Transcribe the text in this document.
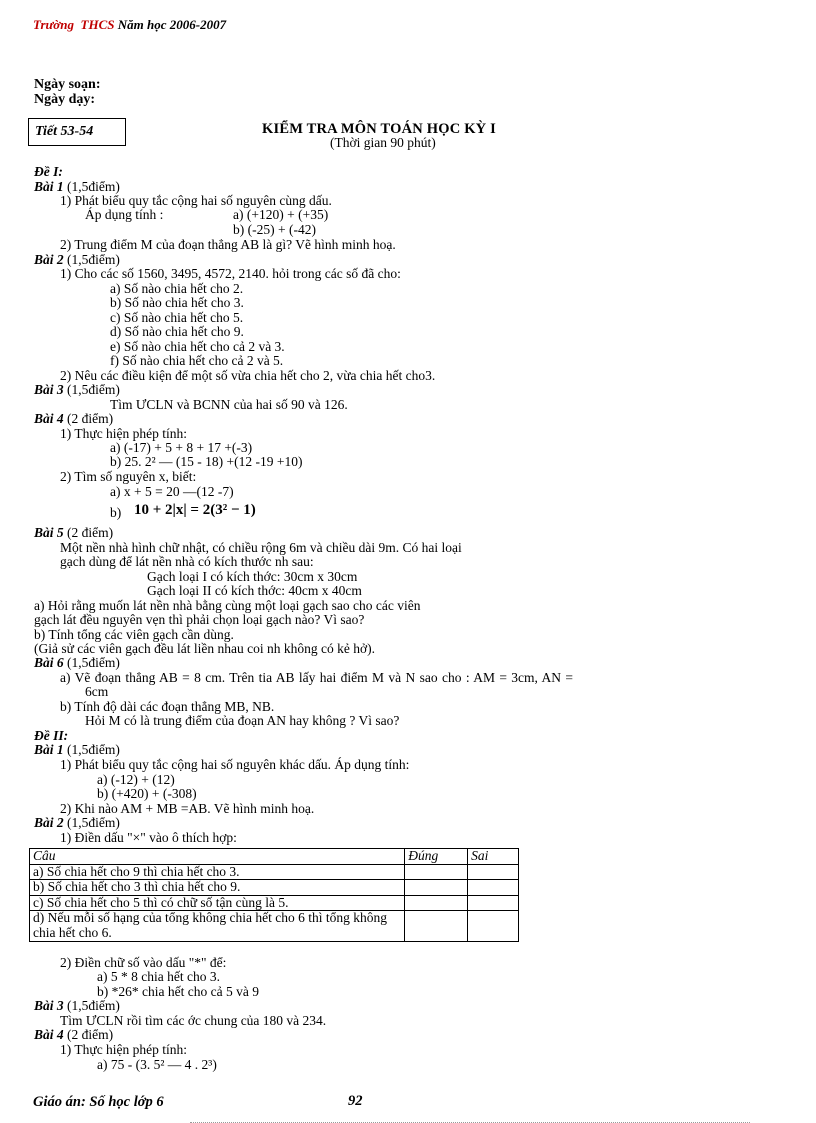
Trường THCS Năm học 2006-2007
Ngày soạn:
Ngày dạy:
Tiết 53-54	KIỂM TRA MÔN TOÁN HỌC KỲ I
(Thời gian 90 phút)
Đề I:
Bài 1 (1,5điểm)
1) Phát biểu quy tắc cộng hai số nguyên cùng dấu.
Áp dụng tính :	a) (+120) + (+35)
b) (-25) + (-42)
2) Trung điểm M của đoạn thẳng AB là gì? Vẽ hình minh hoạ.
Bài 2 (1,5điểm)
1) Cho các số 1560, 3495, 4572, 2140. hỏi trong các số đã cho:
a) Số nào chia hết cho 2.
b) Số nào chia hết cho 3.
c) Số nào chia hết cho 5.
d) Số nào chia hết cho 9.
e) Số nào chia hết cho cả 2 và 3.
f) Số nào chia hết cho cả 2 và 5.
2) Nêu các điều kiện để một số vừa chia hết cho 2, vừa chia hết cho3.
Bài 3 (1,5điểm)
Tìm ƯCLN và BCNN của hai số 90 và 126.
Bài 4 (2 điểm)
1) Thực hiện phép tính:
a) (-17) + 5 + 8 + 17 +(-3)
b) 25. 2² — (15 - 18) +(12 -19 +10)
2) Tìm số nguyên x, biết:
a) x + 5 = 20 —(12 -7)
b) 10 + 2|x| = 2(3² − 1)
Bài 5 (2 điểm)
Một nền nhà hình chữ nhật, có chiều rộng 6m và chiều dài 9m. Có hai loại
gạch dùng để lát nền nhà có kích thước nh sau:
Gạch loại I có kích thớc: 30cm x 30cm
Gạch loại II có kích thớc: 40cm x 40cm
a) Hỏi rằng muốn lát nền nhà bằng cùng một loại gạch sao cho các viên
gạch lát đều nguyên vẹn thì phải chọn loại gạch nào? Vì sao?
b) Tính tổng các viên gạch cần dùng.
(Giả sử các viên gạch đều lát liền nhau coi nh không có kẻ hở).
Bài 6 (1,5điểm)
a) Vẽ đoạn thẳng AB = 8 cm. Trên tia AB lấy hai điểm M và N sao cho : AM = 3cm, AN =
6cm
b) Tính độ dài các đoạn thẳng MB, NB.
Hỏi M có là trung điểm của đoạn AN hay không ? Vì sao?
Đề II:
Bài 1 (1,5điểm)
1) Phát biểu quy tắc cộng hai số nguyên khác dấu. Áp dụng tính:
a) (-12) + (12)
b) (+420) + (-308)
2) Khi nào AM + MB =AB. Vẽ hình minh hoạ.
Bài 2 (1,5điểm)
1) Điền dấu "×" vào ô thích hợp:
Câu	Đúng	Sai
a) Số chia hết cho 9 thì chia hết cho 3.		
b) Số chia hết cho 3 thì chia hết cho 9.		
c) Số chia hết cho 5 thì có chữ số tận cùng là 5.		
d) Nếu mỗi số hạng của tổng không chia hết cho 6 thì tổng không chia hết cho 6.		
2) Điền chữ số vào dấu "*" để:
a) 5 * 8 chia hết cho 3.
b) *26* chia hết cho cả 5 và 9
Bài 3 (1,5điểm)
Tìm ƯCLN rồi tìm các ớc chung của 180 và 234.
Bài 4 (2 điểm)
1) Thực hiện phép tính:
a) 75 - (3. 5² — 4 . 2³)
Giáo án: Số học lớp 6	92
